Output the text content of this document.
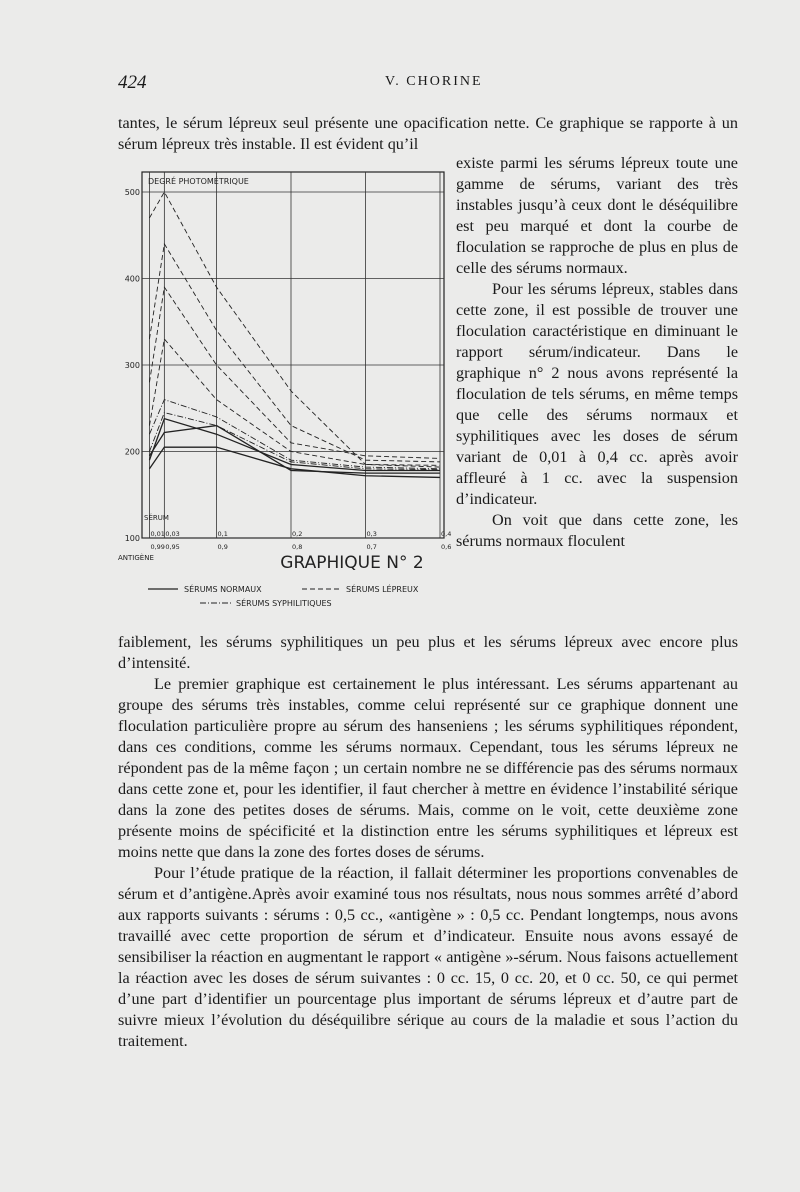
424	V. CHORINE

tantes, le sérum lépreux seul présente une opacification nette. Ce graphique se rapporte à un sérum lépreux très instable. Il est évident qu’il

existe parmi les sérums lépreux toute une gamme de sérums, variant des très instables jusqu’à ceux dont le déséquilibre est peu marqué et dont la courbe de floculation se rapproche de plus en plus de celle des sérums normaux.

Pour les sérums lépreux, stables dans cette zone, il est possible de trouver une floculation caractéristique en diminuant le rapport sérum/indicateur. Dans le graphique n° 2 nous avons représenté la floculation de tels sérums, en même temps que celle des sérums normaux et syphilitiques avec les doses de sérum variant de 0,01 à 0,4 cc. après avoir affleuré à 1 cc. avec la suspension d’indicateur.

On voit que dans cette zone, les sérums normaux floculent

500
400
300
200
100 0,01
0,99
0,03
0,95
0,1
0,9
0,2
0,8
0,3
0,7
0,4
0,6
DEGRÉ PHOTOMÉTRIQUE
SÉRUM
ANTIGÈNE	GRAPHIQUE N° 2
SÉRUMS NORMAUX	SÉRUMS LÉPREUX
SÉRUMS SYPHILITIQUES

faiblement, les sérums syphilitiques un peu plus et les sérums lépreux avec encore plus d’intensité.

Le premier graphique est certainement le plus intéressant. Les sérums appartenant au groupe des sérums très instables, comme celui représenté sur ce graphique donnent une floculation particulière propre au sérum des hanseniens ; les sérums syphilitiques répondent, dans ces conditions, comme les sérums normaux. Cependant, tous les sérums lépreux ne répondent pas de la même façon ; un certain nombre ne se différencie pas des sérums normaux dans cette zone et, pour les identifier, il faut chercher à mettre en évidence l’instabilité sérique dans la zone des petites doses de sérums. Mais, comme on le voit, cette deuxième zone présente moins de spécificité et la distinction entre les sérums syphilitiques et lépreux est moins nette que dans la zone des fortes doses de sérums.

Pour l’étude pratique de la réaction, il fallait déterminer les proportions convenables de sérum et d’antigène.Après avoir examiné tous nos résultats, nous nous sommes arrêté d’abord aux rapports suivants : sérums : 0,5 cc., «antigène » : 0,5 cc. Pendant longtemps, nous avons travaillé avec cette proportion de sérum et d’indicateur. Ensuite nous avons essayé de sensibiliser la réaction en augmentant le rapport « antigène »-sérum. Nous faisons actuellement la réaction avec les doses de sérum suivantes : 0 cc. 15, 0 cc. 20, et 0 cc. 50, ce qui permet d’une part d’identifier un pourcentage plus important de sérums lépreux et d’autre part de suivre mieux l’évolution du déséquilibre sérique au cours de la maladie et sous l’action du traitement.
